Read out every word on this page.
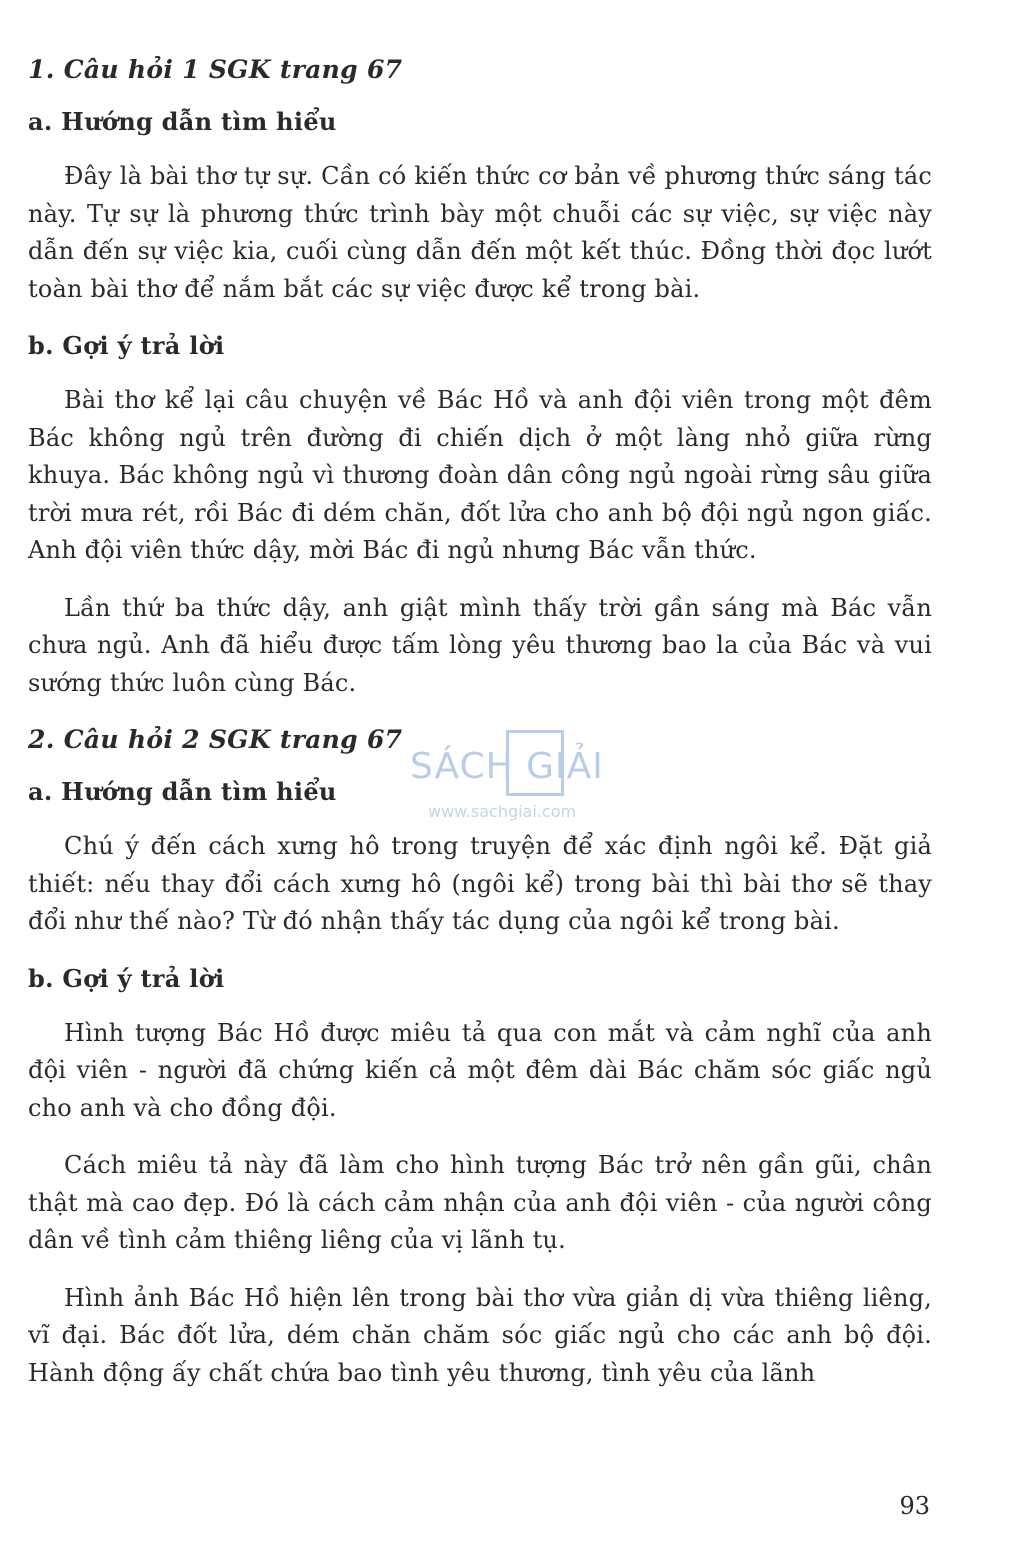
1. Câu hỏi 1 SGK trang 67
a. Hướng dẫn tìm hiểu

Đây là bài thơ tự sự. Cần có kiến thức cơ bản về phương thức sáng tác này. Tự sự là phương thức trình bày một chuỗi các sự việc, sự việc này dẫn đến sự việc kia, cuối cùng dẫn đến một kết thúc. Đồng thời đọc lướt toàn bài thơ để nắm bắt các sự việc được kể trong bài.

b. Gợi ý trả lời

Bài thơ kể lại câu chuyện về Bác Hồ và anh đội viên trong một đêm Bác không ngủ trên đường đi chiến dịch ở một làng nhỏ giữa rừng khuya. Bác không ngủ vì thương đoàn dân công ngủ ngoài rừng sâu giữa trời mưa rét, rồi Bác đi dém chăn, đốt lửa cho anh bộ đội ngủ ngon giấc. Anh đội viên thức dậy, mời Bác đi ngủ nhưng Bác vẫn thức.

Lần thứ ba thức dậy, anh giật mình thấy trời gần sáng mà Bác vẫn chưa ngủ. Anh đã hiểu được tấm lòng yêu thương bao la của Bác và vui sướng thức luôn cùng Bác.

2. Câu hỏi 2 SGK trang 67
a. Hướng dẫn tìm hiểu

Chú ý đến cách xưng hô trong truyện để xác định ngôi kể. Đặt giả thiết: nếu thay đổi cách xưng hô (ngôi kể) trong bài thì bài thơ sẽ thay đổi như thế nào? Từ đó nhận thấy tác dụng của ngôi kể trong bài.

b. Gợi ý trả lời

Hình tượng Bác Hồ được miêu tả qua con mắt và cảm nghĩ của anh đội viên - người đã chứng kiến cả một đêm dài Bác chăm sóc giấc ngủ cho anh và cho đồng đội.

Cách miêu tả này đã làm cho hình tượng Bác trở nên gần gũi, chân thật mà cao đẹp. Đó là cách cảm nhận của anh đội viên - của người công dân về tình cảm thiêng liêng của vị lãnh tụ.

Hình ảnh Bác Hồ hiện lên trong bài thơ vừa giản dị vừa thiêng liêng, vĩ đại. Bác đốt lửa, dém chăn chăm sóc giấc ngủ cho các anh bộ đội. Hành động ấy chất chứa bao tình yêu thương, tình yêu của lãnh

SÁCH GIẢI
www.sachgiai.com
93
